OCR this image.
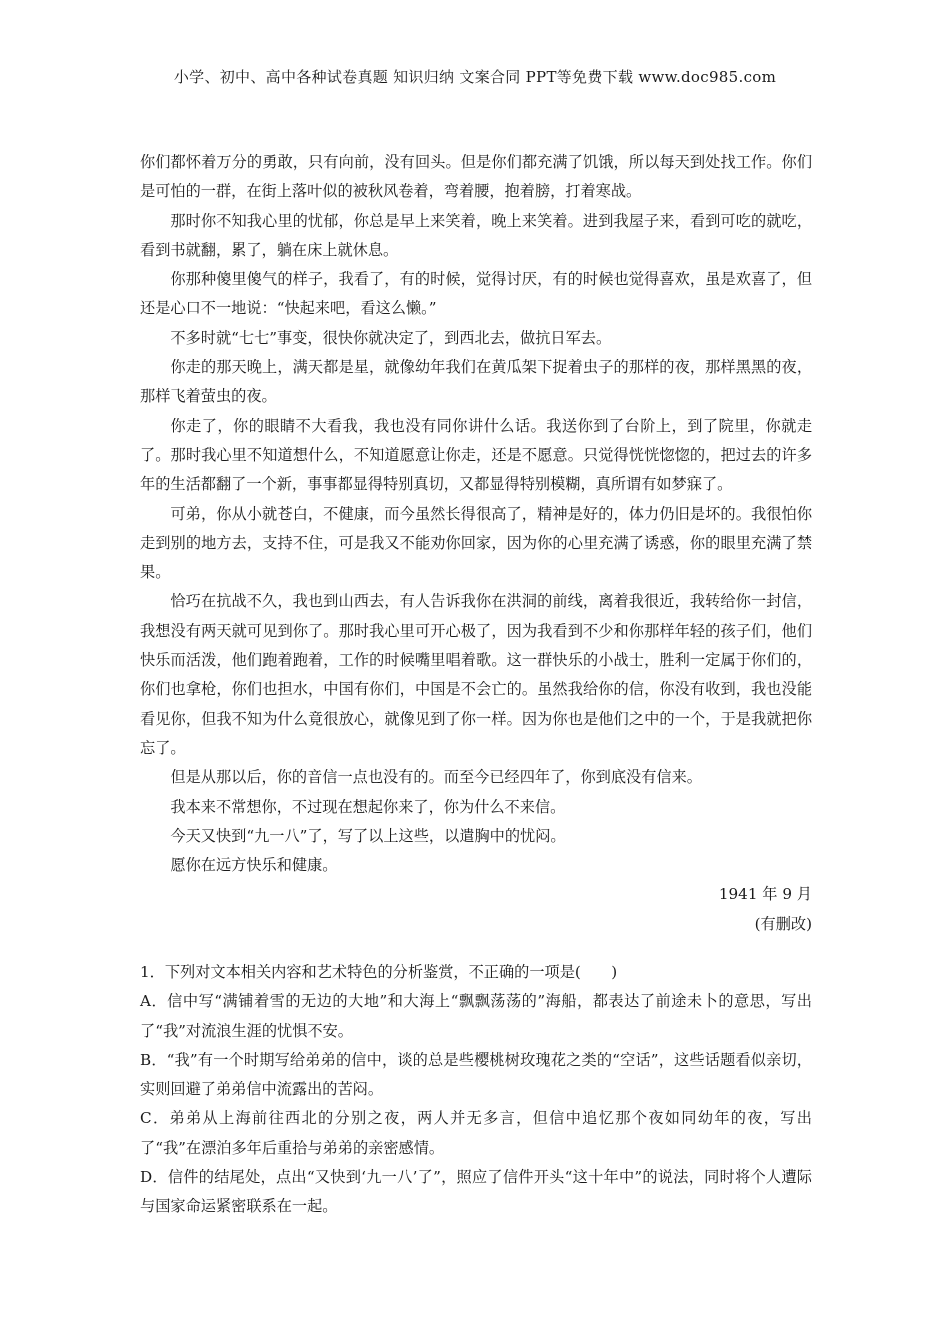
小学、初中、高中各种试卷真题 知识归纳 文案合同 PPT等免费下载 www.doc985.com

你们都怀着万分的勇敢，只有向前，没有回头。但是你们都充满了饥饿，所以每天到处找工作。你们是可怕的一群，在街上落叶似的被秋风卷着，弯着腰，抱着膀，打着寒战。

那时你不知我心里的忧郁，你总是早上来笑着，晚上来笑着。进到我屋子来，看到可吃的就吃，看到书就翻，累了，躺在床上就休息。

你那种傻里傻气的样子，我看了，有的时候，觉得讨厌，有的时候也觉得喜欢，虽是欢喜了，但还是心口不一地说：“快起来吧，看这么懒。”

不多时就“七七”事变，很快你就决定了，到西北去，做抗日军去。

你走的那天晚上，满天都是星，就像幼年我们在黄瓜架下捉着虫子的那样的夜，那样黑黑的夜，那样飞着萤虫的夜。

你走了，你的眼睛不大看我，我也没有同你讲什么话。我送你到了台阶上，到了院里，你就走了。那时我心里不知道想什么，不知道愿意让你走，还是不愿意。只觉得恍恍惚惚的，把过去的许多年的生活都翻了一个新，事事都显得特别真切，又都显得特别模糊，真所谓有如梦寐了。

可弟，你从小就苍白，不健康，而今虽然长得很高了，精神是好的，体力仍旧是坏的。我很怕你走到别的地方去，支持不住，可是我又不能劝你回家，因为你的心里充满了诱惑，你的眼里充满了禁果。

恰巧在抗战不久，我也到山西去，有人告诉我你在洪洞的前线，离着我很近，我转给你一封信，我想没有两天就可见到你了。那时我心里可开心极了，因为我看到不少和你那样年轻的孩子们，他们快乐而活泼，他们跑着跑着，工作的时候嘴里唱着歌。这一群快乐的小战士，胜利一定属于你们的，你们也拿枪，你们也担水，中国有你们，中国是不会亡的。虽然我给你的信，你没有收到，我也没能看见你，但我不知为什么竟很放心，就像见到了你一样。因为你也是他们之中的一个，于是我就把你忘了。

但是从那以后，你的音信一点也没有的。而至今已经四年了，你到底没有信来。

我本来不常想你，不过现在想起你来了，你为什么不来信。

今天又快到“九一八”了，写了以上这些，以遣胸中的忧闷。

愿你在远方快乐和健康。

1941 年 9 月

(有删改)

1．下列对文本相关内容和艺术特色的分析鉴赏，不正确的一项是(　　)

A．信中写“满铺着雪的无边的大地”和大海上“飘飘荡荡的”海船，都表达了前途未卜的意思，写出了“我”对流浪生涯的忧惧不安。

B．“我”有一个时期写给弟弟的信中，谈的总是些樱桃树玫瑰花之类的“空话”，这些话题看似亲切，实则回避了弟弟信中流露出的苦闷。

C．弟弟从上海前往西北的分别之夜，两人并无多言，但信中追忆那个夜如同幼年的夜，写出了“我”在漂泊多年后重拾与弟弟的亲密感情。

D．信件的结尾处，点出“又快到‘九一八’了”，照应了信件开头“这十年中”的说法，同时将个人遭际与国家命运紧密联系在一起。
